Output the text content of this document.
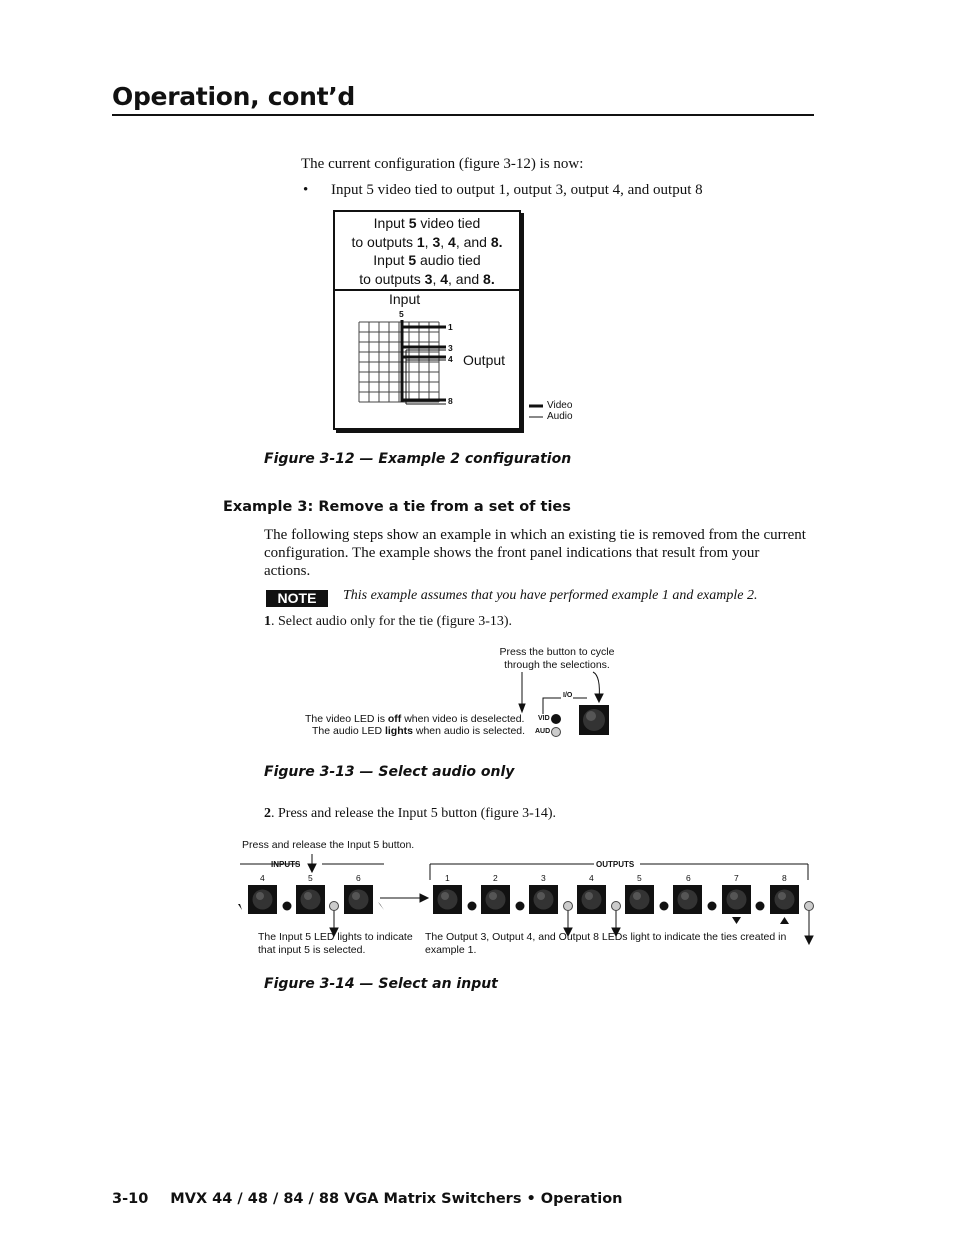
Operation, cont’d
The current configuration (figure 3-12) is now:
• Input 5 video tied to output 1, output 3, output 4, and output 8
Input 5 video tied
to outputs 1, 3, 4, and 8.
Input 5 audio tied
to outputs 3, 4, and 8.
Input
Output
5
1
3
4
8	Video
Audio
Figure 3-12 — Example 2 configuration
Example 3: Remove a tie from a set of ties
The following steps show an example in which an existing tie is removed from the current configuration. The example shows the front panel indications that result from your actions.
NOTE	This example assumes that you have performed example 1 and example 2.
1. Select audio only for the tie (figure 3-13).
Press the button to cycle through the selections.
I/O
VID
AUD
The video LED is off when video is deselected.
The audio LED lights when audio is selected.
Figure 3-13 — Select audio only
2. Press and release the Input 5 button (figure 3-14).
Press and release the Input 5 button.
INPUTS	OUTPUTS
4	5	6	1	2	3	4	5	6	7	8
The Input 5 LED lights to indicate that input 5 is selected.
The Output 3, Output 4, and Output 8 LEDs light to indicate the ties created in example 1.
Figure 3-14 — Select an input
3-10 MVX 44 / 48 / 84 / 88 VGA Matrix Switchers • Operation
